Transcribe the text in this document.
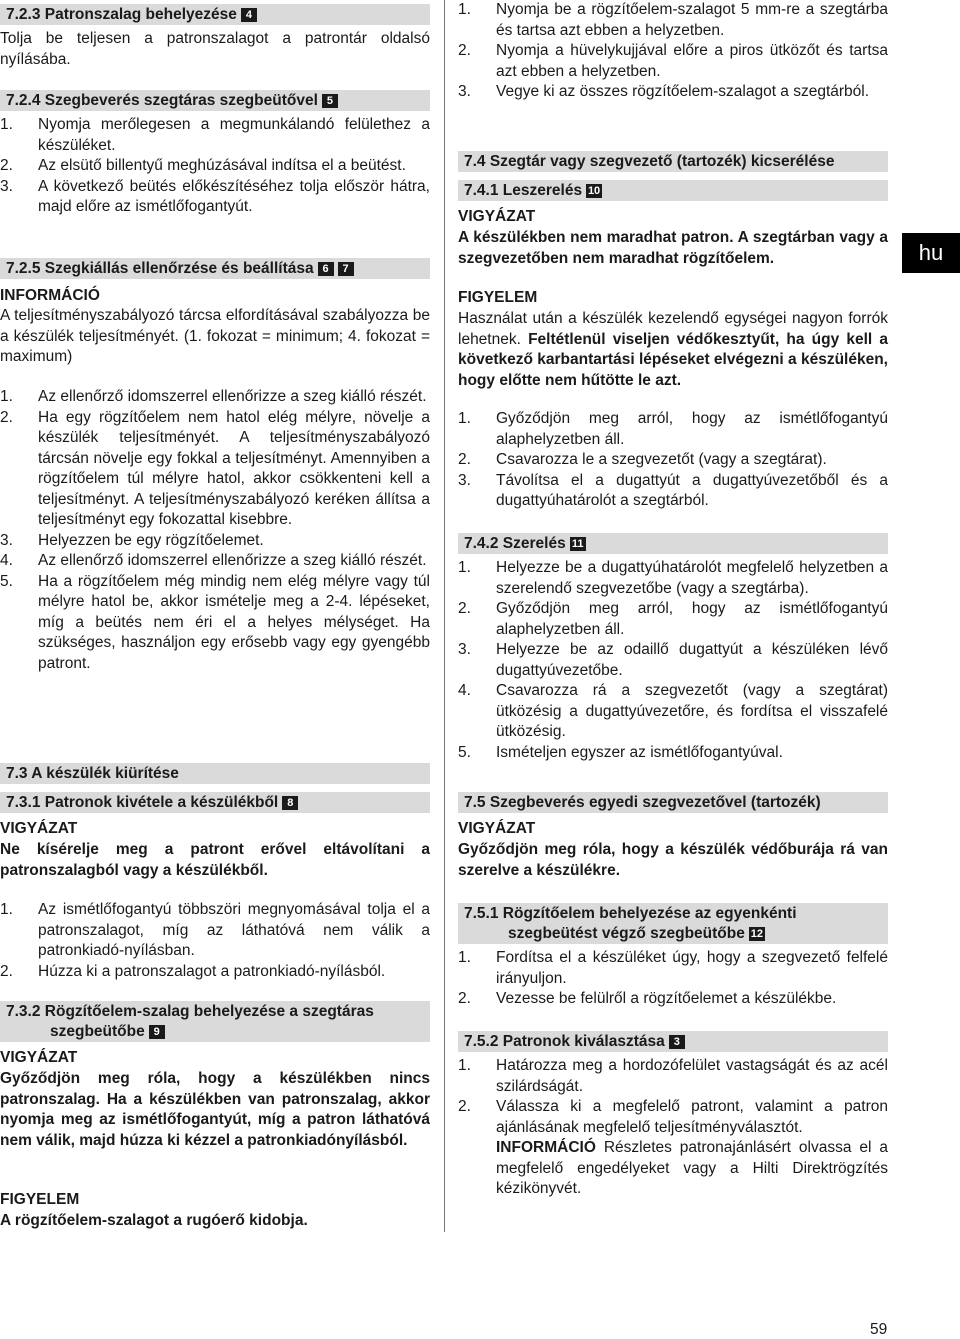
7.2.3 Patronszalag behelyezése 4
Tolja be teljesen a patronszalagot a patrontár oldalsó nyílásába.
7.2.4 Szegbeverés szegtáras szegbeütővel 5
1. Nyomja merőlegesen a megmunkálandó felülethez a készüléket.
2. Az elsütő billentyű meghúzásával indítsa el a beütést.
3. A következő beütés előkészítéséhez tolja először hátra, majd előre az ismétlőfogantyút.
7.2.5 Szegkiállás ellenőrzése és beállítása 6 7
INFORMÁCIÓ
A teljesítményszabályozó tárcsa elfordításával szabályozza be a készülék teljesítményét. (1. fokozat = minimum; 4. fokozat = maximum)
1. Az ellenőrző idomszerrel ellenőrizze a szeg kiálló részét.
2. Ha egy rögzítőelem nem hatol elég mélyre, növelje a készülék teljesítményét. A teljesítményszabályozó tárcsán növelje egy fokkal a teljesítményt. Amennyiben a rögzítőelem túl mélyre hatol, akkor csökkenteni kell a teljesítményt. A teljesítményszabályozó keréken állítsa a teljesítményt egy fokozattal kisebbre.
3. Helyezzen be egy rögzítőelemet.
4. Az ellenőrző idomszerrel ellenőrizze a szeg kiálló részét.
5. Ha a rögzítőelem még mindig nem elég mélyre vagy túl mélyre hatol be, akkor ismételje meg a 2-4. lépéseket, míg a beütés nem éri el a helyes mélységet. Ha szükséges, használjon egy erősebb vagy egy gyengébb patront.
7.3 A készülék kiürítése
7.3.1 Patronok kivétele a készülékből 8
VIGYÁZAT
Ne kísérelje meg a patront erővel eltávolítani a patronszalagból vagy a készülékből.
1. Az ismétlőfogantyú többszöri megnyomásával tolja el a patronszalagot, míg az láthatóvá nem válik a patronkiadó-nyílásban.
2. Húzza ki a patronszalagot a patronkiadó-nyílásból.
7.3.2 Rögzítőelem-szalag behelyezése a szegtáras
szegbeütőbe 9
VIGYÁZAT
Győződjön meg róla, hogy a készülékben nincs patronszalag. Ha a készülékben van patronszalag, akkor nyomja meg az ismétlőfogantyút, míg a patron láthatóvá nem válik, majd húzza ki kézzel a patronkiadónyílásból.
FIGYELEM
A rögzítőelem-szalagot a rugóerő kidobja.
1. Nyomja be a rögzítőelem-szalagot 5 mm-re a szegtárba és tartsa azt ebben a helyzetben.
2. Nyomja a hüvelykujjával előre a piros ütközőt és tartsa azt ebben a helyzetben.
3. Vegye ki az összes rögzítőelem-szalagot a szegtárból.
7.4 Szegtár vagy szegvezető (tartozék) kicserélése
7.4.1 Leszerelés 10
VIGYÁZAT
A készülékben nem maradhat patron. A szegtárban vagy a szegvezetőben nem maradhat rögzítőelem.
FIGYELEM
Használat után a készülék kezelendő egységei nagyon forrók lehetnek. Feltétlenül viseljen védőkesztyűt, ha úgy kell a következő karbantartási lépéseket elvégezni a készüléken, hogy előtte nem hűtötte le azt.
1. Győződjön meg arról, hogy az ismétlőfogantyú alaphelyzetben áll.
2. Csavarozza le a szegvezetőt (vagy a szegtárat).
3. Távolítsa el a dugattyút a dugattyúvezetőből és a dugattyúhatárolót a szegtárból.
7.4.2 Szerelés 11
1. Helyezze be a dugattyúhatárolót megfelelő helyzetben a szerelendő szegvezetőbe (vagy a szegtárba).
2. Győződjön meg arról, hogy az ismétlőfogantyú alaphelyzetben áll.
3. Helyezze be az odaillő dugattyút a készüléken lévő dugattyúvezetőbe.
4. Csavarozza rá a szegvezetőt (vagy a szegtárat) ütközésig a dugattyúvezetőre, és fordítsa el visszafelé ütközésig.
5. Ismételjen egyszer az ismétlőfogantyúval.
7.5 Szegbeverés egyedi szegvezetővel (tartozék)
VIGYÁZAT
Győződjön meg róla, hogy a készülék védőburája rá van szerelve a készülékre.
7.5.1 Rögzítőelem behelyezése az egyenkénti
szegbeütést végző szegbeütőbe 12
1. Fordítsa el a készüléket úgy, hogy a szegvezető felfelé irányuljon.
2. Vezesse be felülről a rögzítőelemet a készülékbe.
7.5.2 Patronok kiválasztása 3
1. Határozza meg a hordozófelület vastagságát és az acél szilárdságát.
2. Válassza ki a megfelelő patront, valamint a patron ajánlásának megfelelő teljesítményválasztót.
INFORMÁCIÓ Részletes patronajánlásért olvassa el a megfelelő engedélyeket vagy a Hilti Direktrögzítés kézikönyvét.
hu
59
